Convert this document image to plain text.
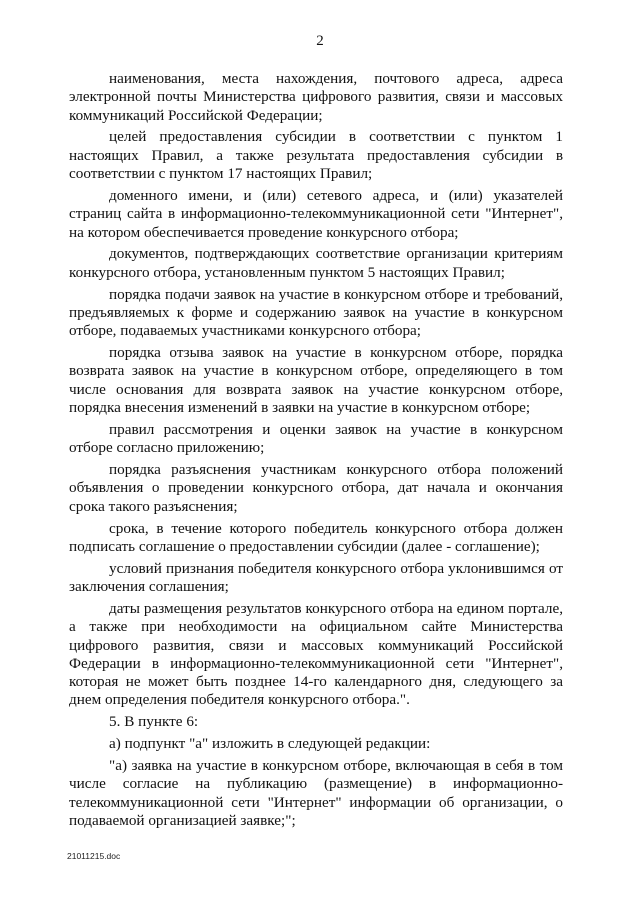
2

наименования, места нахождения, почтового адреса, адреса электронной почты Министерства цифрового развития, связи и массовых коммуникаций Российской Федерации;

целей предоставления субсидии в соответствии с пунктом 1 настоящих Правил, а также результата предоставления субсидии в соответствии с пунктом 17 настоящих Правил;

доменного имени, и (или) сетевого адреса, и (или) указателей страниц сайта в информационно-телекоммуникационной сети "Интернет", на котором обеспечивается проведение конкурсного отбора;

документов, подтверждающих соответствие организации критериям конкурсного отбора, установленным пунктом 5 настоящих Правил;

порядка подачи заявок на участие в конкурсном отборе и требований, предъявляемых к форме и содержанию заявок на участие в конкурсном отборе, подаваемых участниками конкурсного отбора;

порядка отзыва заявок на участие в конкурсном отборе, порядка возврата заявок на участие в конкурсном отборе, определяющего в том числе основания для возврата заявок на участие конкурсном отборе, порядка внесения изменений в заявки на участие в конкурсном отборе;

правил рассмотрения и оценки заявок на участие в конкурсном отборе согласно приложению;

порядка разъяснения участникам конкурсного отбора положений объявления о проведении конкурсного отбора, дат начала и окончания срока такого разъяснения;

срока, в течение которого победитель конкурсного отбора должен подписать соглашение о предоставлении субсидии (далее - соглашение);

условий признания победителя конкурсного отбора уклонившимся от заключения соглашения;

даты размещения результатов конкурсного отбора на едином портале, а также при необходимости на официальном сайте Министерства цифрового развития, связи и массовых коммуникаций Российской Федерации в информационно-телекоммуникационной сети "Интернет", которая не может быть позднее 14-го календарного дня, следующего за днем определения победителя конкурсного отбора.".

5. В пункте 6:

а) подпункт "а" изложить в следующей редакции:

"а) заявка на участие в конкурсном отборе, включающая в себя в том числе согласие на публикацию (размещение) в информационно-телекоммуникационной сети "Интернет" информации об организации, о подаваемой организацией заявке;";

21011215.doc
